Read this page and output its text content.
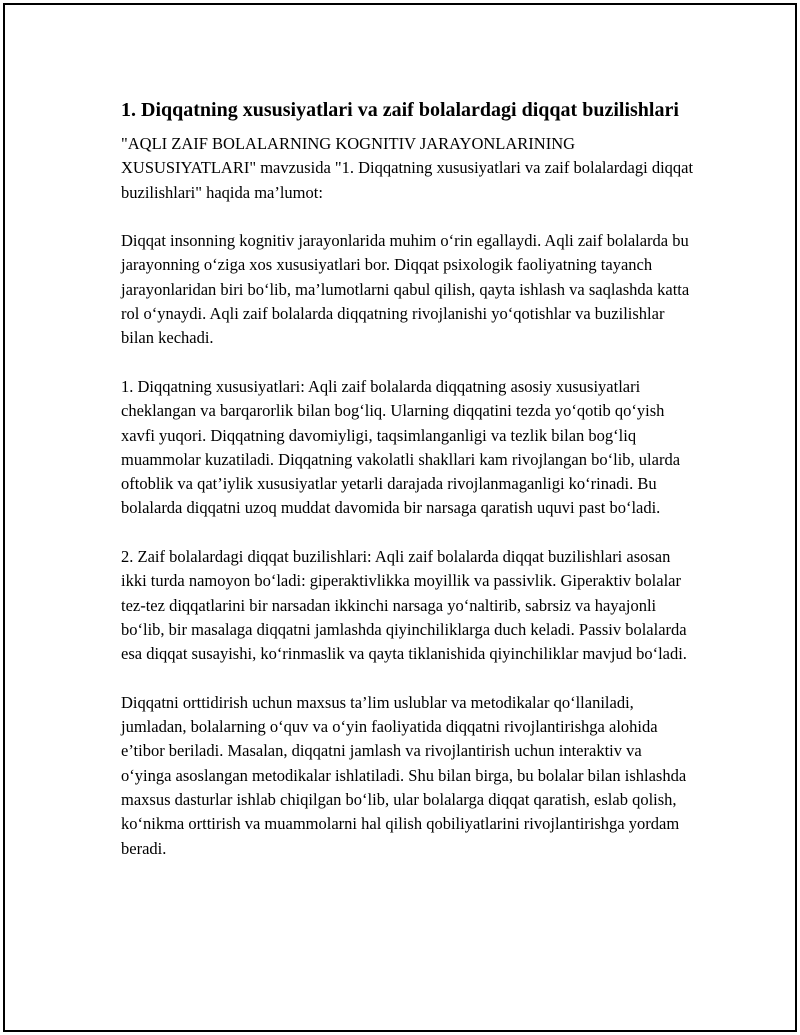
1. Diqqatning xususiyatlari va zaif bolalardagi diqqat buzilishlari

"AQLI ZAIF BOLALARNING KOGNITIV JARAYONLARINING XUSUSIYATLARI" mavzusida "1. Diqqatning xususiyatlari va zaif bolalardagi diqqat buzilishlari" haqida ma’lumot:

Diqqat insonning kognitiv jarayonlarida muhim o‘rin egallaydi. Aqli zaif bolalarda bu jarayonning o‘ziga xos xususiyatlari bor. Diqqat psixologik faoliyatning tayanch jarayonlaridan biri bo‘lib, ma’lumotlarni qabul qilish, qayta ishlash va saqlashda katta rol o‘ynaydi. Aqli zaif bolalarda diqqatning rivojlanishi yo‘qotishlar va buzilishlar bilan kechadi.

1. Diqqatning xususiyatlari: Aqli zaif bolalarda diqqatning asosiy xususiyatlari cheklangan va barqarorlik bilan bog‘liq. Ularning diqqatini tezda yo‘qotib qo‘yish xavfi yuqori. Diqqatning davomiyligi, taqsimlanganligi va tezlik bilan bog‘liq muammolar kuzatiladi. Diqqatning vakolatli shakllari kam rivojlangan bo‘lib, ularda oftoblik va qat’iylik xususiyatlar yetarli darajada rivojlanmaganligi ko‘rinadi. Bu bolalarda diqqatni uzoq muddat davomida bir narsaga qaratish uquvi past bo‘ladi.

2. Zaif bolalardagi diqqat buzilishlari: Aqli zaif bolalarda diqqat buzilishlari asosan ikki turda namoyon bo‘ladi: giperaktivlikka moyillik va passivlik. Giperaktiv bolalar tez-tez diqqatlarini bir narsadan ikkinchi narsaga yo‘naltirib, sabrsiz va hayajonli bo‘lib, bir masalaga diqqatni jamlashda qiyinchiliklarga duch keladi. Passiv bolalarda esa diqqat susayishi, ko‘rinmaslik va qayta tiklanishida qiyinchiliklar mavjud bo‘ladi.

Diqqatni orttidirish uchun maxsus ta’lim uslublar va metodikalar qo‘llaniladi, jumladan, bolalarning o‘quv va o‘yin faoliyatida diqqatni rivojlantirishga alohida e’tibor beriladi. Masalan, diqqatni jamlash va rivojlantirish uchun interaktiv va o‘yinga asoslangan metodikalar ishlatiladi. Shu bilan birga, bu bolalar bilan ishlashda maxsus dasturlar ishlab chiqilgan bo‘lib, ular bolalarga diqqat qaratish, eslab qolish, ko‘nikma orttirish va muammolarni hal qilish qobiliyatlarini rivojlantirishga yordam beradi.
